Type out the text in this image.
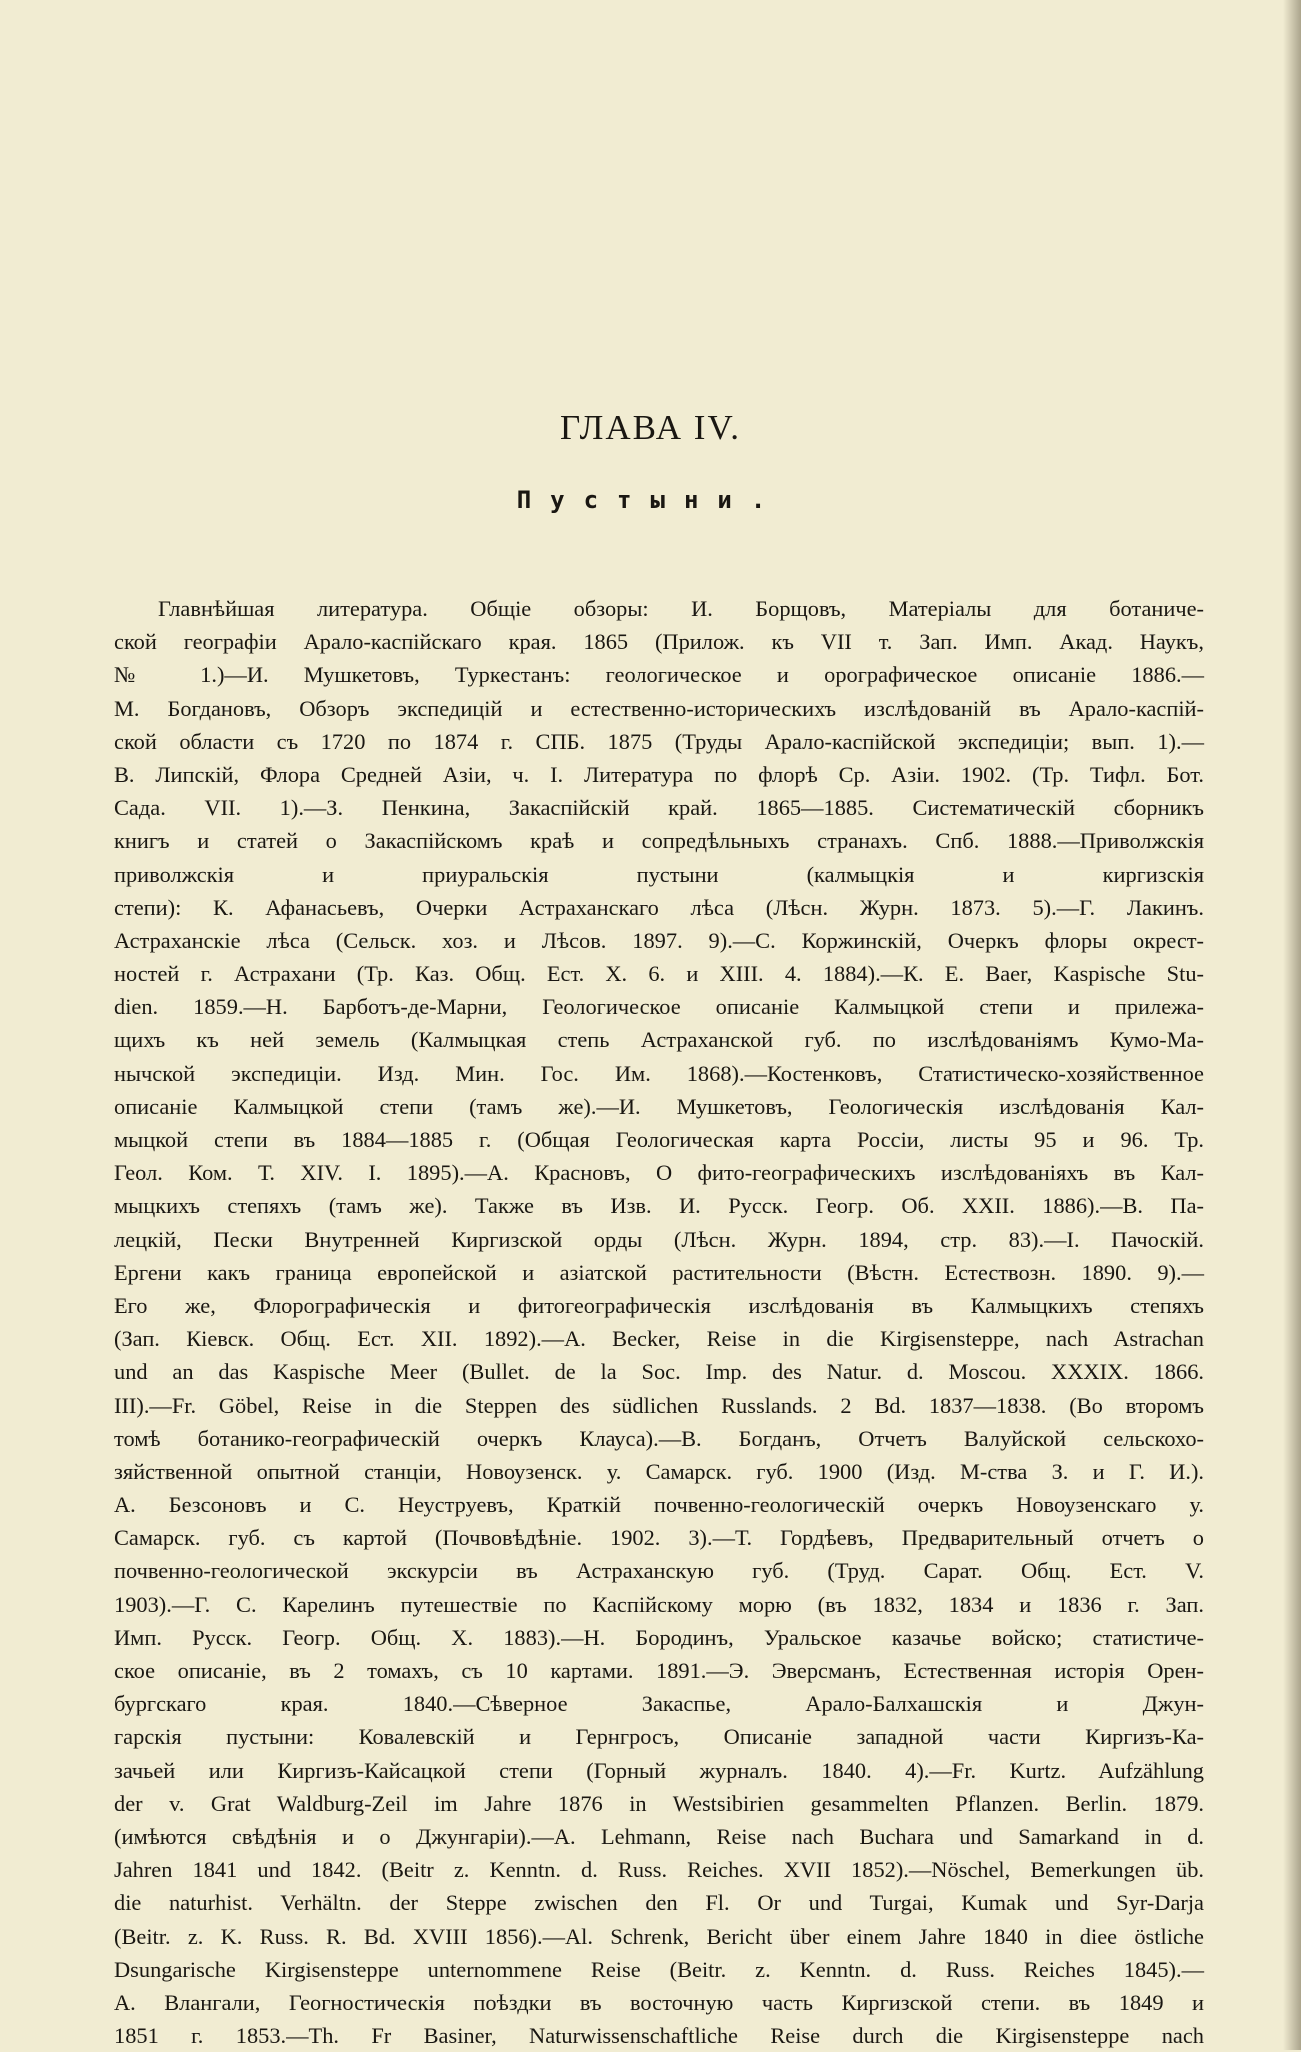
ГЛАВА IV.
Пустыни.
Главнѣйшая литература. Общіе обзоры: И. Борщовъ, Матеріалы для ботаниче-
ской географіи Арало-каспійскаго края. 1865 (Прилож. къ VII т. Зап. Имп. Акад. Наукъ,
№ 1.)—И. Мушкетовъ, Туркестанъ: геологическое и орографическое описаніе 1886.—
М. Богдановъ, Обзоръ экспедицій и естественно-историческихъ изслѣдованій въ Арало-каспій-
ской области съ 1720 по 1874 г. СПБ. 1875 (Труды Арало-каспійской экспедиціи; вып. 1).—
В. Липскій, Флора Средней Азіи, ч. I. Литература по флорѣ Ср. Азіи. 1902. (Тр. Тифл. Бот.
Сада. VII. 1).—З. Пенкина, Закаспійскій край. 1865—1885. Систематическій сборникъ
книгъ и статей о Закаспійскомъ краѣ и сопредѣльныхъ странахъ. Спб. 1888.—Приволжскія
приволжскія и приуральскія пустыни (калмыцкія и киргизскія
степи): К. Афанасьевъ, Очерки Астраханскаго лѣса (Лѣсн. Журн. 1873. 5).—Г. Лакинъ.
Астраханскіе лѣса (Сельск. хоз. и Лѣсов. 1897. 9).—С. Коржинскій, Очеркъ флоры окрест-
ностей г. Астрахани (Тр. Каз. Общ. Ест. X. 6. и XIII. 4. 1884).—К. Е. Baer, Kaspische Stu-
dien. 1859.—Н. Барботъ-де-Марни, Геологическое описаніе Калмыцкой степи и прилежа-
щихъ къ ней земель (Калмыцкая степь Астраханской губ. по изслѣдованіямъ Кумо-Ма-
нычской экспедиціи. Изд. Мин. Гос. Им. 1868).—Костенковъ, Статистическо-хозяйственное
описаніе Калмыцкой степи (тамъ же).—И. Мушкетовъ, Геологическія изслѣдованія Кал-
мыцкой степи въ 1884—1885 г. (Общая Геологическая карта Россіи, листы 95 и 96. Тр.
Геол. Ком. Т. XIV. I. 1895).—А. Красновъ, О фито-географическихъ изслѣдованіяхъ въ Кал-
мыцкихъ степяхъ (тамъ же). Также въ Изв. И. Русск. Геогр. Об. XXII. 1886).—В. Па-
лецкій, Пески Внутренней Киргизской орды (Лѣсн. Журн. 1894, стр. 83).—І. Пачоскій.
Ергени какъ граница европейской и азіатской растительности (Вѣстн. Естествозн. 1890. 9).—
Его же, Флорографическія и фитогеографическія изслѣдованія въ Калмыцкихъ степяхъ
(Зап. Кіевск. Общ. Ест. XII. 1892).—А. Becker, Reise in die Kirgisensteppe, nach Astrachan
und an das Kaspische Meer (Bullet. de la Soc. Imp. des Natur. d. Moscou. XXXIX. 1866.
III).—Fr. Göbel, Reise in die Steppen des südlichen Russlands. 2 Bd. 1837—1838. (Во второмъ
томѣ ботанико-географическій очеркъ Клауса).—В. Богданъ, Отчетъ Валуйской сельскохо-
зяйственной опытной станціи, Новоузенск. у. Самарск. губ. 1900 (Изд. М-ства З. и Г. И.).
А. Безсоновъ и С. Неуструевъ, Краткій почвенно-геологическій очеркъ Новоузенскаго у.
Самарск. губ. съ картой (Почвовѣдѣніе. 1902. 3).—Т. Гордѣевъ, Предварительный отчетъ о
почвенно-геологической экскурсіи въ Астраханскую губ. (Труд. Сарат. Общ. Ест. V.
1903).—Г. С. Карелинъ путешествіе по Каспійскому морю (въ 1832, 1834 и 1836 г. Зап.
Имп. Русск. Геогр. Общ. X. 1883).—Н. Бородинъ, Уральское казачье войско; статистиче-
ское описаніе, въ 2 томахъ, съ 10 картами. 1891.—Э. Эверсманъ, Естественная исторія Орен-
бургскаго края. 1840.—Сѣверное Закаспье, Арало-Балхашскія и Джун-
гарскія пустыни: Ковалевскій и Гернгросъ, Описаніе западной части Киргизъ-Ка-
зачьей или Киргизъ-Кайсацкой степи (Горный журналъ. 1840. 4).—Fr. Kurtz. Aufzählung
der v. Grat Waldburg-Zeil im Jahre 1876 in Westsibirien gesammelten Pflanzen. Berlin. 1879.
(имѣются свѣдѣнія и о Джунгаріи).—А. Lehmann, Reise nach Buchara und Samarkand in d.
Jahren 1841 und 1842. (Beitr z. Kenntn. d. Russ. Reiches. XVII 1852).—Nöschel, Bemerkungen üb.
die naturhist. Verhältn. der Steppe zwischen den Fl. Or und Turgai, Kumak und Syr-Darja
(Beitr. z. K. Russ. R. Bd. XVIII 1856).—Al. Schrenk, Bericht über einem Jahre 1840 in diee östliche
Dsungarische Kirgisensteppe unternommene Reise (Beitr. z. Kenntn. d. Russ. Reiches 1845).—
А. Влангали, Геогностическія поѣздки въ восточную часть Киргизской степи. въ 1849 и
1851 г. 1853.—Th. Fr Basiner, Naturwissenschaftliche Reise durch die Kirgisensteppe nach
